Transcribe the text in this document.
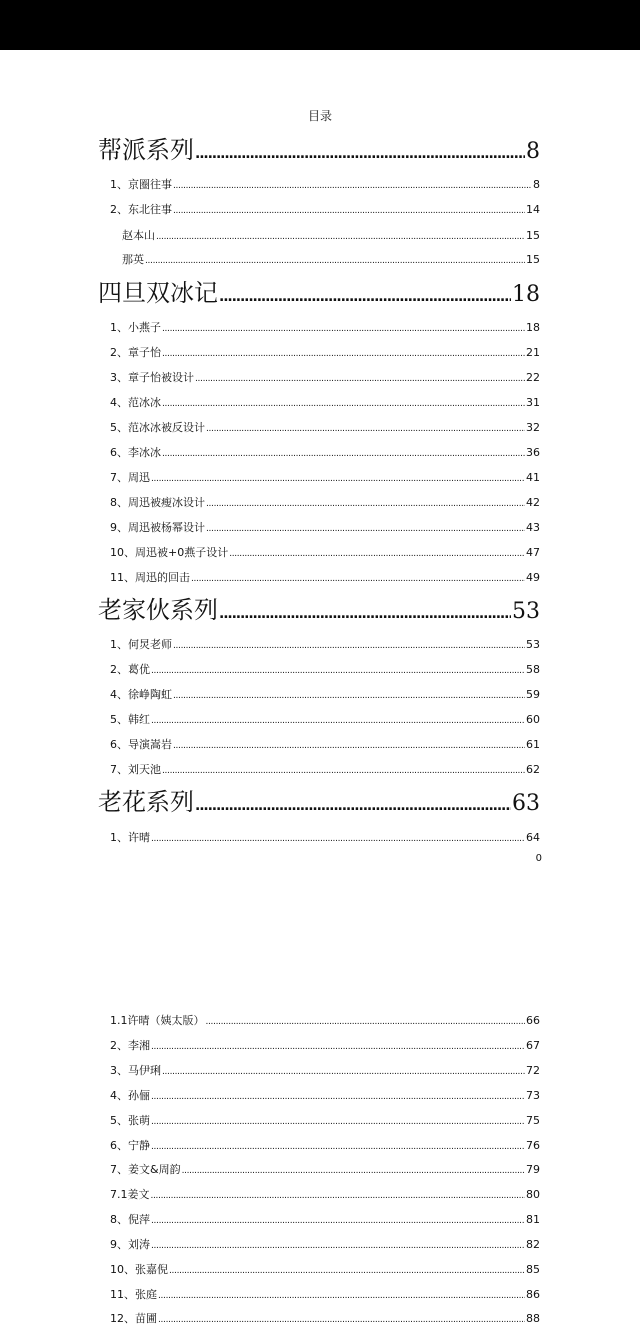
目录
帮派系列 . . .	8
1、京圈往事 . . .	8
2、东北往事 . . .	14
赵本山 . . .	15
那英 . . .	15
四旦双冰记 . . .	18
1、小燕子 . . .	18
2、章子怡 . . .	21
3、章子怡被设计 . . .	22
4、范冰冰 . . .	31
5、范冰冰被反设计 . . .	32
6、李冰冰 . . .	36
7、周迅 . . .	41
8、周迅被瘦冰设计 . . .	42
9、周迅被杨幂设计 . . .	43
10、周迅被+0燕子设计 . . .	47
11、周迅的回击 . . .	49
老家伙系列 . . .	53
1、何炅老师 . . .	53
2、葛优 . . .	58
4、徐峥陶虹 . . .	59
5、韩红 . . .	60
6、导演嵩岩 . . .	61
7、刘天池 . . .	62
老花系列 . . .	63
1、许晴 . . .	64
0
1.1许晴（姨太版） . . .	66
2、李湘 . . .	67
3、马伊琍 . . .	72
4、孙俪 . . .	73
5、张萌 . . .	75
6、宁静 . . .	76
7、姜文&周韵 . . .	79
7.1姜文 . . .	80
8、倪萍 . . .	81
9、刘涛 . . .	82
10、张嘉倪 . . .	85
11、张庭 . . .	86
12、苗圃 . . .	88
